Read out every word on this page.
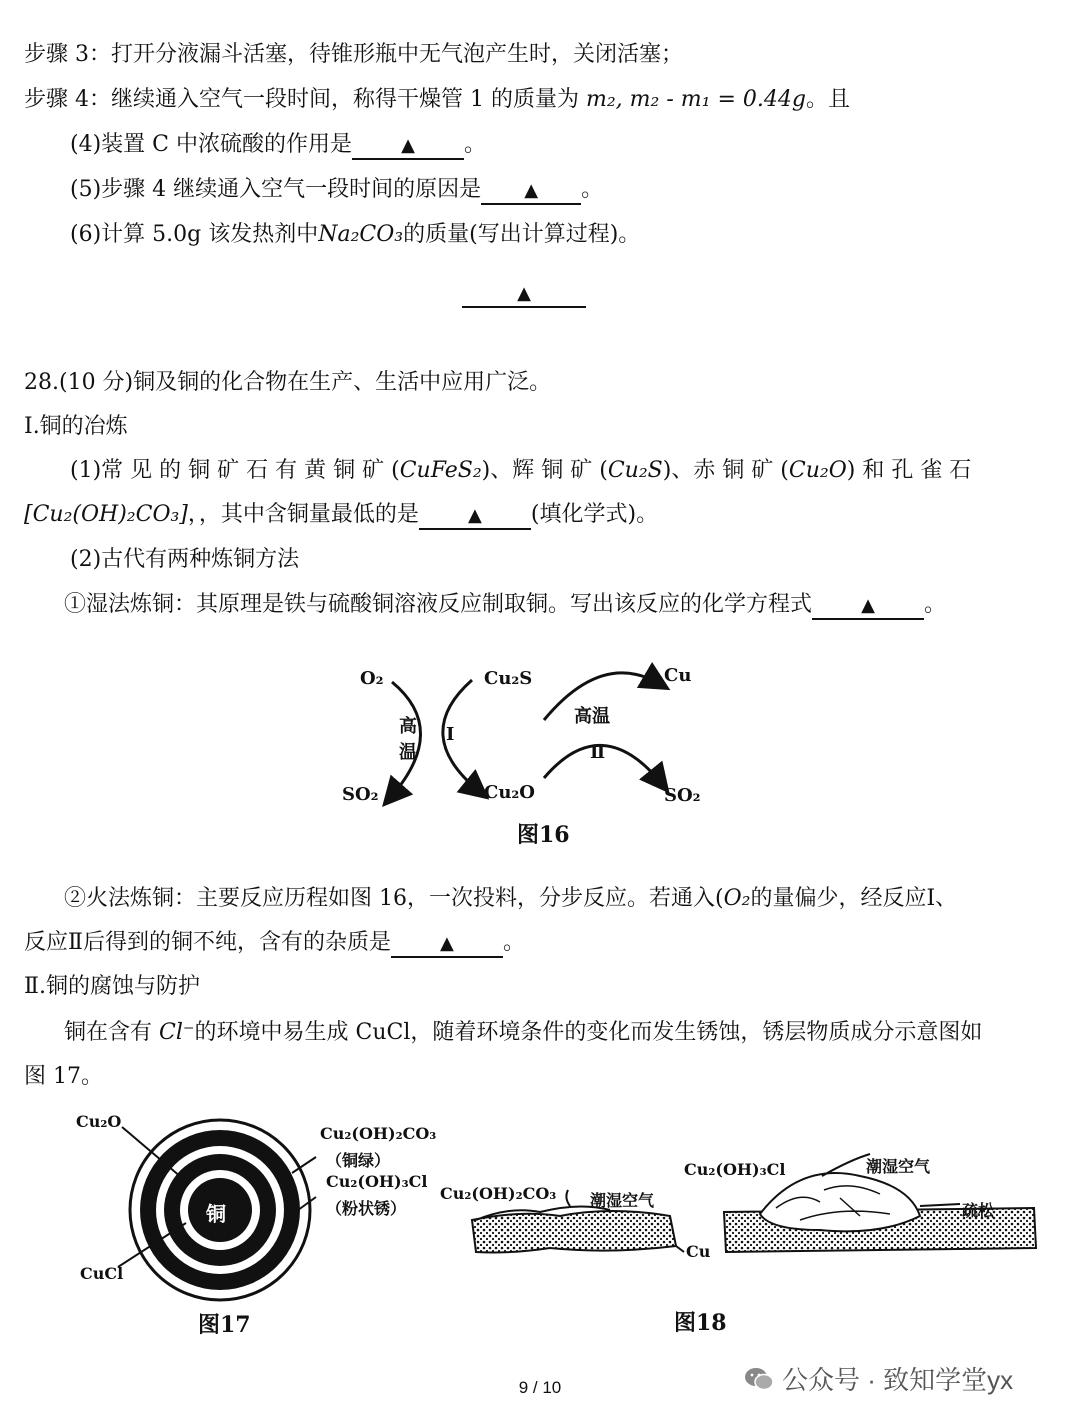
步骤 3：打开分液漏斗活塞，待锥形瓶中无气泡产生时，关闭活塞；
步骤 4：继续通入空气一段时间，称得干燥管 1 的质量为 m₂, m₂ - m₁ = 0.44g。且
(4)装置 C 中浓硫酸的作用是	▲ 。
(5)步骤 4 继续通入空气一段时间的原因是 ▲ 。
(6)计算 5.0g 该发热剂中Na₂CO₃的质量(写出计算过程)。
▲
28.(10 分)铜及铜的化合物在生产、生活中应用广泛。
Ⅰ.铜的冶炼
(1)常 见 的 铜 矿 石 有 黄 铜 矿 (CuFeS₂)、辉 铜 矿 (Cu₂S)、赤 铜 矿 (Cu₂O) 和 孔 雀 石
[Cu₂(OH)₂CO₃]，，其中含铜量最低的是	▲ (填化学式)。
(2)古代有两种炼铜方法
①湿法炼铜：其原理是铁与硫酸铜溶液反应制取铜。写出该反应的化学方程式	▲ 。
O₂	Cu₂S
高
温
Ⅰ
SO₂	Cu₂O
高温
Ⅱ
Cu
SO₂
图16
②火法炼铜：主要反应历程如图 16，一次投料，分步反应。若通入(O₂的量偏少，经反应Ⅰ、
反应Ⅱ后得到的铜不纯，含有的杂质是	▲ 。
Ⅱ.铜的腐蚀与防护
铜在含有 Cl⁻的环境中易生成 CuCl，随着环境条件的变化而发生锈蚀，锈层物质成分示意图如
图 17。
Cu₂O
铜
CuCl
Cu₂(OH)₂CO₃
（铜绿）
Cu₂(OH)₃Cl
（粉状锈）
图17
Cu₂(OH)₂CO₃ 潮湿空气
Cu
Cu₂(OH)₃Cl	潮湿空气
疏松
图18
9 / 10	公众号 · 致知学堂yx
